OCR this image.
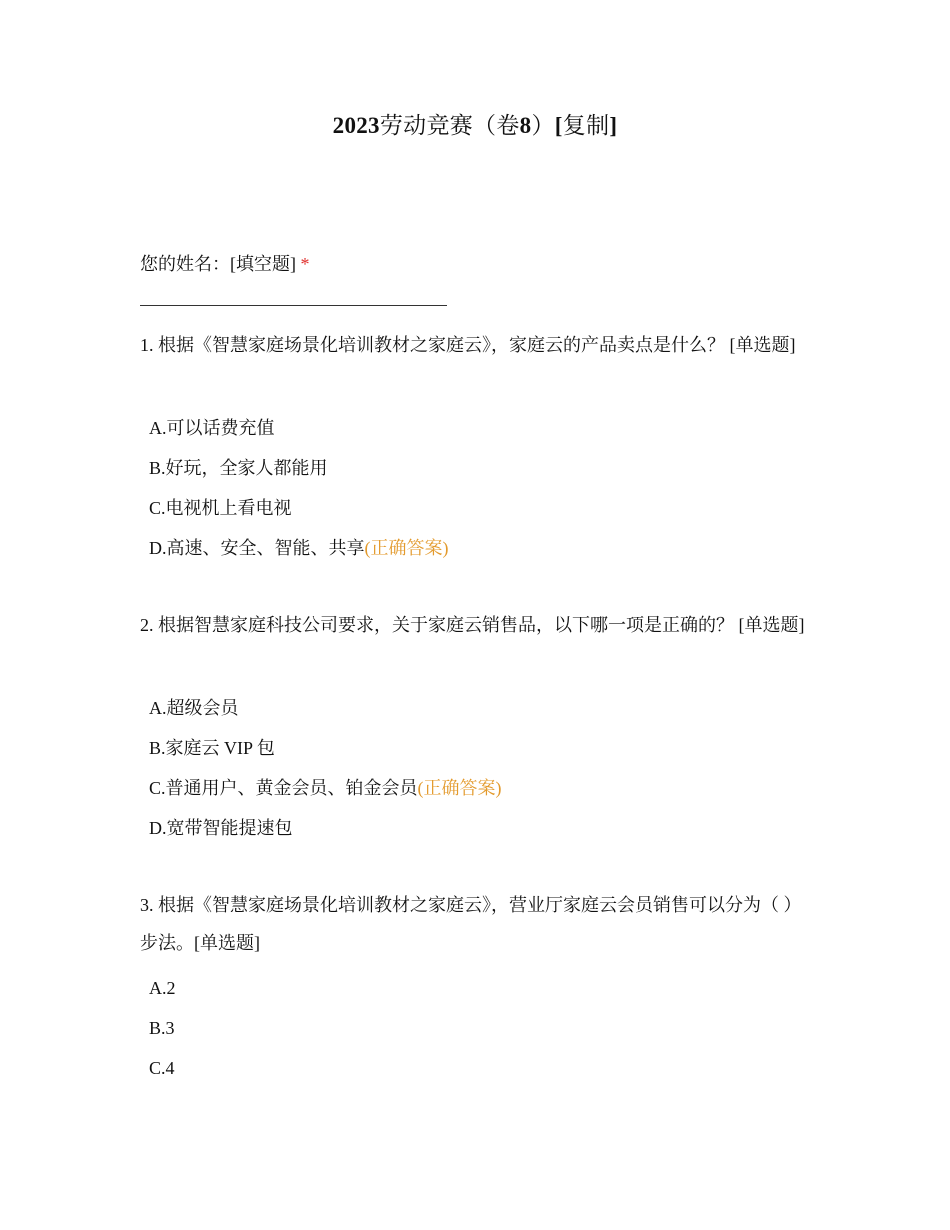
2023劳动竞赛（卷8）[复制]
您的姓名：[填空题] *
1. 根据《智慧家庭场景化培训教材之家庭云》，家庭云的产品卖点是什么？ [单选题]
A.可以话费充值
B.好玩，全家人都能用
C.电视机上看电视
D.高速、安全、智能、共享(正确答案)
2. 根据智慧家庭科技公司要求，关于家庭云销售品，以下哪一项是正确的？ [单选题]
A.超级会员
B.家庭云 VIP 包
C.普通用户、黄金会员、铂金会员(正确答案)
D.宽带智能提速包
3. 根据《智慧家庭场景化培训教材之家庭云》，营业厅家庭云会员销售可以分为（ ）步法。[单选题]
A.2
B.3
C.4
